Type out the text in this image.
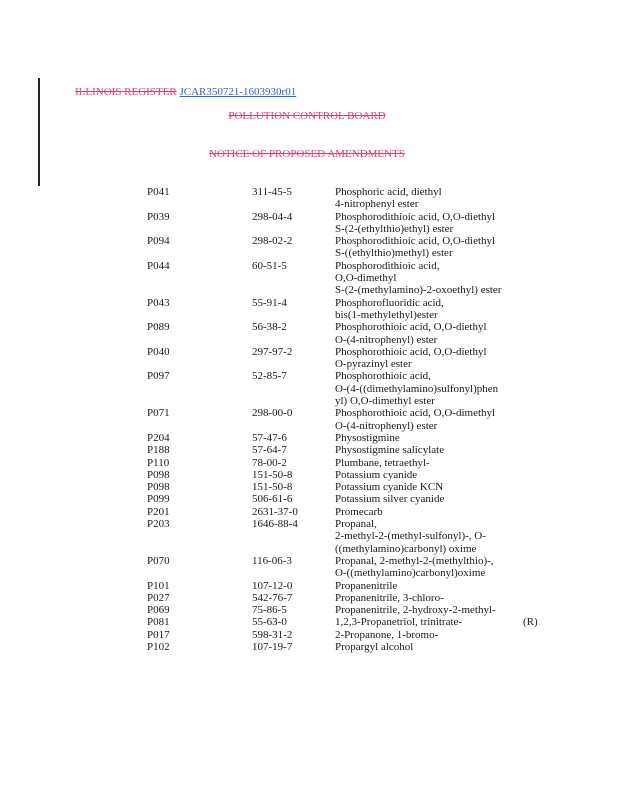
ILLINOIS REGISTER JCAR350721-1603930r01
POLLUTION CONTROL BOARD
NOTICE OF PROPOSED AMENDMENTS
P041	311-45-5	Phosphoric acid, diethyl
4-nitrophenyl ester
P039	298-04-4	Phosphorodithioic acid, O,O-diethyl
S-(2-(ethylthio)ethyl) ester
P094	298-02-2	Phosphorodithioic acid, O,O-diethyl
S-((ethylthio)methyl) ester
P044	60-51-5	Phosphorodithioic acid,
O,O-dimethyl
S-(2-(methylamino)-2-oxoethyl) ester
P043	55-91-4	Phosphorofluoridic acid,
bis(1-methylethyl)ester
P089	56-38-2	Phosphorothioic acid, O,O-diethyl
O-(4-nitrophenyl) ester
P040	297-97-2	Phosphorothioic acid, O,O-diethyl
O-pyrazinyl ester
P097	52-85-7	Phosphorothioic acid,
O-(4-((dimethylamino)sulfonyl)phen
yl) O,O-dimethyl ester
P071	298-00-0	Phosphorothioic acid, O,O-dimethyl
O-(4-nitrophenyl) ester
P204	57-47-6	Physostigmine
P188	57-64-7	Physostigmine salicylate
P110	78-00-2	Plumbane, tetraethyl-
P098	151-50-8	Potassium cyanide
P098	151-50-8	Potassium cyanide KCN
P099	506-61-6	Potassium silver cyanide
P201	2631-37-0	Promecarb
P203	1646-88-4	Propanal,
2-methyl-2-(methyl-sulfonyl)-, O-
((methylamino)carbonyl) oxime
P070	116-06-3	Propanal, 2-methyl-2-(methylthio)-,
O-((methylamino)carbonyl)oxime
P101	107-12-0	Propanenitrile
P027	542-76-7	Propanenitrile, 3-chloro-
P069	75-86-5	Propanenitrile, 2-hydroxy-2-methyl-
P081	55-63-0	1,2,3-Propanetriol, trinitrate-	(R)
P017	598-31-2	2-Propanone, 1-bromo-
P102	107-19-7	Propargyl alcohol
